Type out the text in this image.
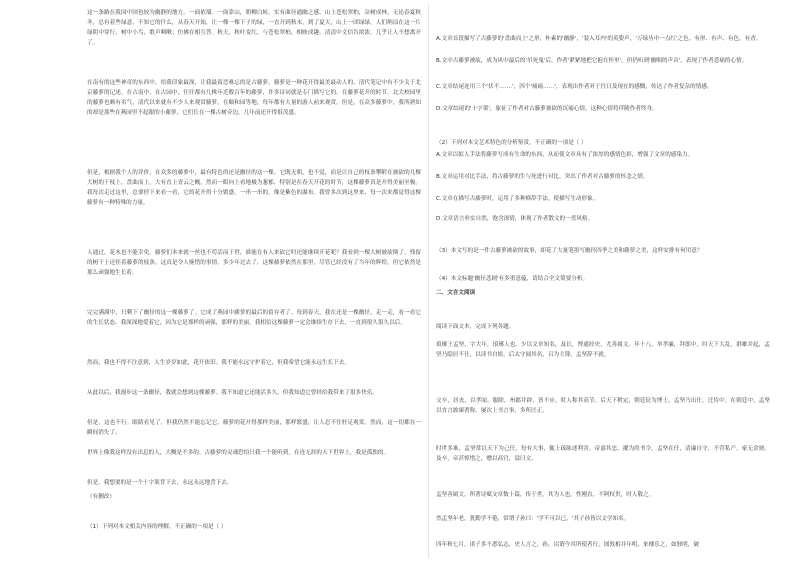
这一条路在我国中国也较为幽静的地方。一面依墙。一面靠山，朝柳白转，实有曲径通幽之感。山上苍松翠柏，杂树成林，无论春夏秋冬，总有着些绿意。不知它的什么，从春天开始，让一棵一棵下子的绿，一直开到秋末。到了夏天，山上一团绿绿，人们纳凉在这一片绿阴中穿行。树中小鸟，歌声啁啾；仿佛在相互答。秋天，秋叶变红，与苍松翠柏，相映成趣，清清中文信告浓浓。几乎让人不想离开了。

在南有的这些神奇的东西中，给我印象最深，让我最留恋难忘的是古藤萝。藤萝是一种花开得最美最动人的。清代笔记中有不少关于北京藤萝的记述，在古南中，在古园中，往往都有几株年近数百年的藤萝，许多诗词就是专门描写它的。在藤萝花开的时节，北大校园里的藤萝也颇有名气，清代以来就有不少人来观赏藤萝。在颐和园等地，每年都有大量的游人前来观赏。但是，在众多藤萝中，我所熟知的却是那些在燕园里不起眼的小藤萝，它们长在一棵古树旁边，几年前还开得很茂盛。

但是，根据我个人的评价，在众多的藤萝中，最有特色的还是幽径的这一棵。它既无朝，也不觉，而是让自己的枝条攀附在被砍的几棵大树的干枝上，盘曲而上，大有直上青云之概。然而一眼向上看地极为葱郁，特别是在春天开花的时节，这棵藤萝真是开得美丽至极。我每次走过这里，总要停下来看一看，它的花开得十分繁盛，一串一串的，像是紫色的瀑布。我曾多次到这里来，每一次来都觉得这棵藤萝有一种特殊的力量。

人通过，花木也不能幸免。藤萝们本来就一丝也不苟活而于世，谁能在有人来砍它时还能继续开花呢？我看到一棵大树被砍倒了，残留的树干上还挂着藤萝的枝条。这真是令人惋惜的事情。多少年过去了，这棵藤萝依然在那里，尽管已经没有了当年的辉煌，但它依然是那么顽强地生长着。

完完满满中，只剩下了幽径的这一棵藤萝了。它成了燕园中藤萝的最后的留存者了。每到春天，我在还是一棵幽径，走一走，看一看它的生长状态。我深深地爱着它，因为它是那样的顽强，那样的美丽。我相信这棵藤萝一定会继续生存下去，一直到很久很久以后。

然而，我也不得不注意到，人生岁岁如此，花开依旧。我不能永远守护着它，但我希望它能永远生长下去。

从此以后，我漫步这一条幽径，我就会想到这棵藤萝。我不知道它还能活多久，但我知道它曾经给我带来了很多快乐。

但是，这也不行。眼睛看见了，但我仍然不能忘记它。藤萝的花开得那样美丽，那样繁盛，让人忍不住驻足观赏。然而，这一切都在一瞬间消失了。

世界上像我这样没有出息的人，大概是不多的。古藤萝的灵魂恐怕只我一个能听到，在连无涯的天下世界上，我是孤独的。

但是，我想要的是一个十字架背下去，永远永远地背下去。

（有删改）

（1）下列对本文相关内容的理解，不正确的一项是（ ）

A.文章首段描写了古藤萝的'盘曲而上'之形，朴素的'幽静'，'装入耳内'的英姿声，'万绿丛中一点红'之色。有形、有声、有色，有香。

B.文中古藤萝被砍，成为风中最后的'吊死鬼'后，作者'紧紧地把它抱在怀里'，但仍听到'幽咽的声音'，表现了作者悲痛的心情。

C.文章结尾连用三个'伏不…….'，四个'痛痛……'，表现出作者对于往日及现在的感慨，传达了作者复杂的情感。

D.文章结尾的'十字架'，象征了作者对古藤萝被砍的沉痛心情，这种心情将伴随作者终身。

（2）下列对本文艺术特色的分析鉴赏，不正确的一项是（ ）

A.文章以拟人手法将藤萝写成有生命的东西，从而使文章具有了浓厚的感情色彩，增强了文章的感染力。

B.文章运用对比手法，将古藤萝的生与死进行对比，突出了作者对古藤萝的怀念之情。

C.文章在描写古藤萝时，运用了多种修辞手法，使描写生动形象。

D.文章语言朴实自然，饱含深情，体现了作者散文的一贯风格。

（3）本文写的是一件古藤萝被砍的故事，却花了大量笔墨写幽径四季之美和藤萝之美，这样安排有何用意？

（4）本文标题'幽径悲剧'有多重意蕴，请结合全文简要分析。

二、文言文阅读

阅读下面文本，完成下列各题。

琅琊王孟坚，字大年，琅琊人也。少以文章知名，及长，博通经史，尤善属文。年十八，举孝廉，拜郎中。时天下大乱，群雄并起，孟坚乃隐居不仕，以读书自娱。后太守闻其名，召为主簿，孟坚辞不就。

父卒，居丧，以孝闻。服除，州郡并辟，皆不应。时人称其高节。后天下稍定，朝廷征为博士，孟坚乃出仕，迁侍中。在朝廷中，孟坚以直言敢谏著称，屡次上书言事，多所匡正。

时世多难，孟坚常以天下为己任，每有大事，辄上疏陈述利害。帝嘉其忠，擢为尚书令。孟坚在任，清廉自守，不营私产，家无余财。及卒，帝甚悼惜之，赠以高官，谥曰文。

孟坚善属文，所著诗赋文章数十篇，传于世。其为人也，性刚直，不阿权贵，时人敬之。

然孟坚年老，犹勤学不倦，常谓子孙曰：'学不可以已。'其子孙皆以文学知名。

四年秋七月，诸子多不悉弘志，史人言之，孙，诏谓今其所使者行，图敦相并年明，来楼乐之，如独明，破
